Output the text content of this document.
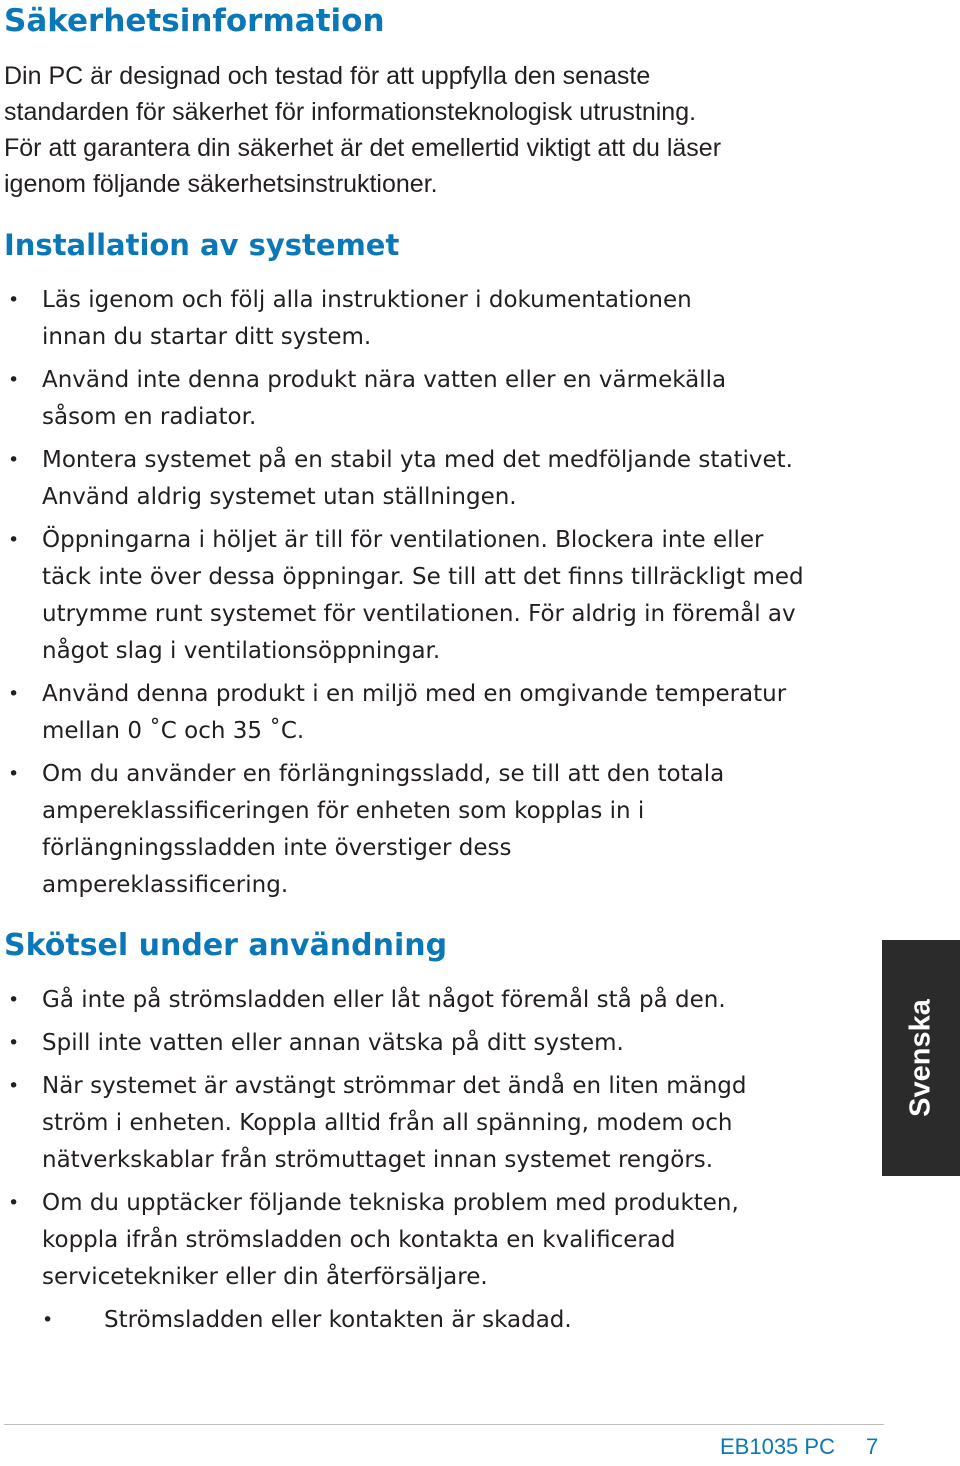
Säkerhetsinformation

Din PC är designad och testad för att uppfylla den senaste
standarden för säkerhet för informationsteknologisk utrustning.
För att garantera din säkerhet är det emellertid viktigt att du läser
igenom följande säkerhetsinstruktioner.

Installation av systemet
• Läs igenom och följ alla instruktioner i dokumentationen
innan du startar ditt system.
• Använd inte denna produkt nära vatten eller en värmekälla
såsom en radiator.
• Montera systemet på en stabil yta med det medföljande stativet.
Använd aldrig systemet utan ställningen.
• Öppningarna i höljet är till för ventilationen. Blockera inte eller
täck inte över dessa öppningar. Se till att det finns tillräckligt med
utrymme runt systemet för ventilationen. För aldrig in föremål av
något slag i ventilationsöppningar.
• Använd denna produkt i en miljö med en omgivande temperatur
mellan 0 ˚C och 35 ˚C.
• Om du använder en förlängningssladd, se till att den totala
ampereklassificeringen för enheten som kopplas in i
förlängningssladden inte överstiger dess
ampereklassificering.
Skötsel under användning
• Gå inte på strömsladden eller låt något föremål stå på den.
• Spill inte vatten eller annan vätska på ditt system.
• När systemet är avstängt strömmar det ändå en liten mängd
ström i enheten. Koppla alltid från all spänning, modem och
nätverkskablar från strömuttaget innan systemet rengörs.
• Om du upptäcker följande tekniska problem med produkten,
koppla ifrån strömsladden och kontakta en kvalificerad
servicetekniker eller din återförsäljare.
• Strömsladden eller kontakten är skadad.
Svenska
EB1035 PC 7
